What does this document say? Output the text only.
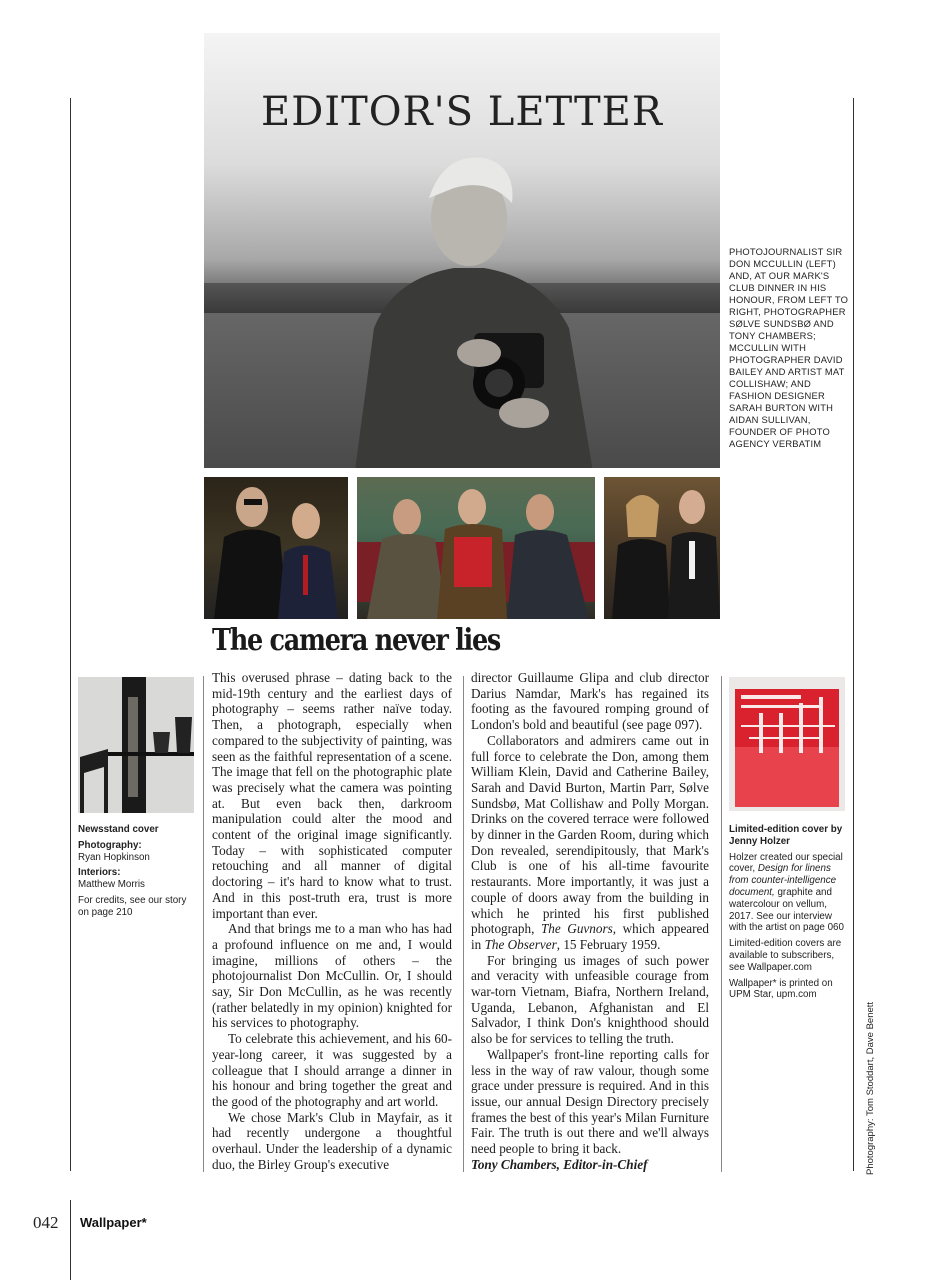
EDITOR'S LETTER
PHOTOJOURNALIST SIR DON MCCULLIN (LEFT) AND, AT OUR MARK'S CLUB DINNER IN HIS HONOUR, FROM LEFT TO RIGHT, PHOTOGRAPHER SØLVE SUNDSBØ AND TONY CHAMBERS; MCCULLIN WITH PHOTOGRAPHER DAVID BAILEY AND ARTIST MAT COLLISHAW; AND FASHION DESIGNER SARAH BURTON WITH AIDAN SULLIVAN, FOUNDER OF PHOTO AGENCY VERBATIM
The camera never lies

This overused phrase – dating back to the mid-19th century and the earliest days of photography – seems rather naïve today. Then, a photograph, especially when compared to the subjectivity of painting, was seen as the faithful representation of a scene. The image that fell on the photographic plate was precisely what the camera was pointing at. But even back then, darkroom manipulation could alter the mood and content of the original image significantly. Today – with sophisticated computer retouching and all manner of digital doctoring – it's hard to know what to trust. And in this post-truth era, trust is more important than ever.

And that brings me to a man who has had a profound influence on me and, I would imagine, millions of others – the photojournalist Don McCullin. Or, I should say, Sir Don McCullin, as he was recently (rather belatedly in my opinion) knighted for his services to photography.

To celebrate this achievement, and his 60-year-long career, it was suggested by a colleague that I should arrange a dinner in his honour and bring together the great and the good of the photography and art world.

We chose Mark's Club in Mayfair, as it had recently undergone a thoughtful overhaul. Under the leadership of a dynamic duo, the Birley Group's executive

director Guillaume Glipa and club director Darius Namdar, Mark's has regained its footing as the favoured romping ground of London's bold and beautiful (see page 097).

Collaborators and admirers came out in full force to celebrate the Don, among them William Klein, David and Catherine Bailey, Sarah and David Burton, Martin Parr, Sølve Sundsbø, Mat Collishaw and Polly Morgan. Drinks on the covered terrace were followed by dinner in the Garden Room, during which Don revealed, serendipitously, that Mark's Club is one of his all-time favourite restaurants. More importantly, it was just a couple of doors away from the building in which he printed his first published photograph, The Guvnors, which appeared in The Observer, 15 February 1959.

For bringing us images of such power and veracity with unfeasible courage from war-torn Vietnam, Biafra, Northern Ireland, Uganda, Lebanon, Afghanistan and El Salvador, I think Don's knighthood should also be for services to telling the truth.

Wallpaper's front-line reporting calls for less in the way of raw valour, though some grace under pressure is required. And in this issue, our annual Design Directory precisely frames the best of this year's Milan Furniture Fair. The truth is out there and we'll always need people to bring it back.

Tony Chambers, Editor-in-Chief

Newsstand cover

Photography:
Ryan Hopkinson

Interiors:
Matthew Morris

For credits, see our story on page 210

Limited-edition cover by Jenny Holzer

Holzer created our special cover, Design for linens from counter-intelligence document, graphite and watercolour on vellum, 2017. See our interview with the artist on page 060

Limited-edition covers are available to subscribers, see Wallpaper.com

Wallpaper* is printed on UPM Star, upm.com

Photography: Tom Stoddart, Dave Benett
042 Wallpaper*
